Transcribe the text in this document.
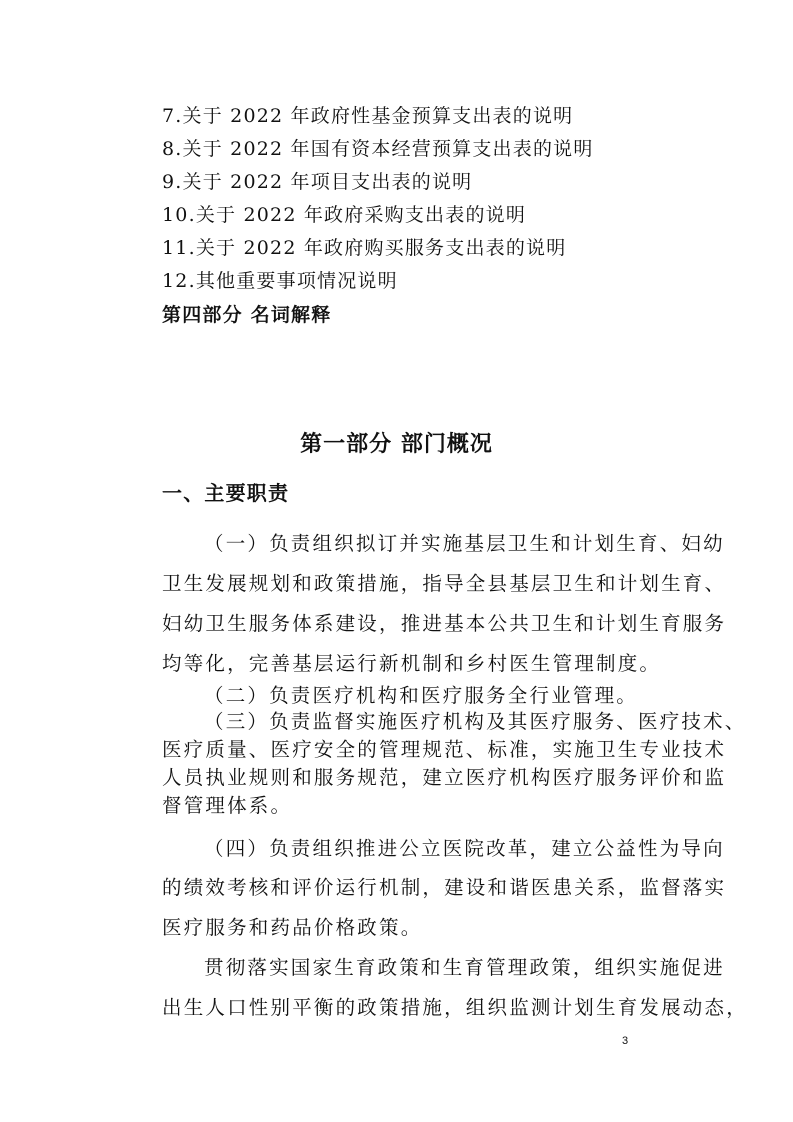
7.关于 2022 年政府性基金预算支出表的说明
8.关于 2022 年国有资本经营预算支出表的说明
9.关于 2022 年项目支出表的说明
10.关于 2022 年政府采购支出表的说明
11.关于 2022 年政府购买服务支出表的说明
12.其他重要事项情况说明
第四部分 名词解释
第一部分 部门概况
一、主要职责
（一）负责组织拟订并实施基层卫生和计划生育、妇幼
卫生发展规划和政策措施，指导全县基层卫生和计划生育、
妇幼卫生服务体系建设，推进基本公共卫生和计划生育服务
均等化，完善基层运行新机制和乡村医生管理制度。
（二）负责医疗机构和医疗服务全行业管理。
（三）负责监督实施医疗机构及其医疗服务、医疗技术、
医疗质量、医疗安全的管理规范、标准，实施卫生专业技术
人员执业规则和服务规范，建立医疗机构医疗服务评价和监
督管理体系。
（四）负责组织推进公立医院改革，建立公益性为导向
的绩效考核和评价运行机制，建设和谐医患关系，监督落实
医疗服务和药品价格政策。
贯彻落实国家生育政策和生育管理政策，组织实施促进
出生人口性别平衡的政策措施，组织监测计划生育发展动态，
3
